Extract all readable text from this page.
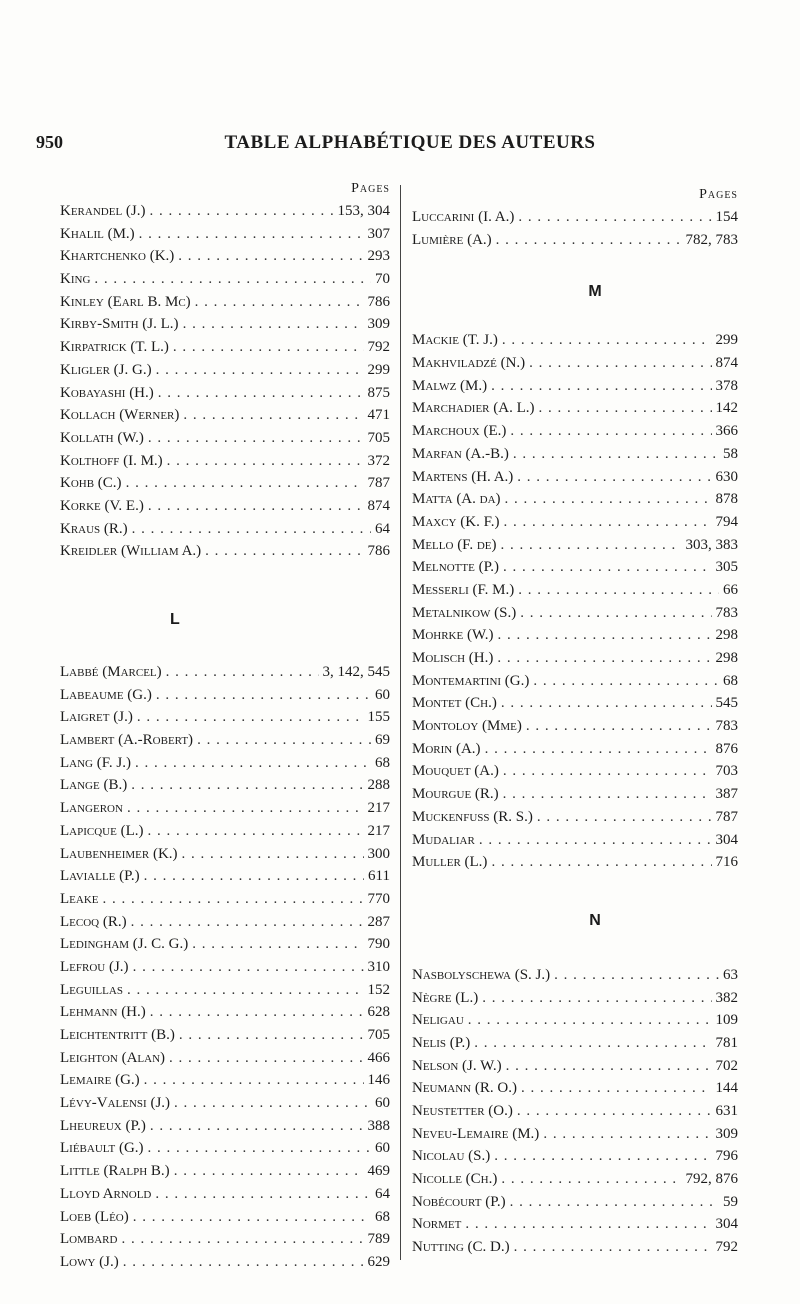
950	TABLE ALPHABÉTIQUE DES AUTEURS
Pages
Kerandel (J.) . . .	153, 304
Khalil (M.) . . .	307
Khartchenko (K.) . . .	293
King . . .	70
Kinley (Earl B. Mc) . . .	786
Kirby-Smith (J. L.) . . .	309
Kirpatrick (T. L.) . . .	792
Kligler (J. G.) . . .	299
Kobayashi (H.) . . .	875
Kollach (Werner) . . .	471
Kollath (W.) . . .	705
Kolthoff (I. M.) . . .	372
Kohb (C.) . . .	787
Korke (V. E.) . . .	874
Kraus (R.) . . .	64
Kreidler (William A.) . . .	786
L
Labbé (Marcel) . . .	3, 142, 545
Labeaume (G.) . . .	60
Laigret (J.) . . .	155
Lambert (A.-Robert) . . .	69
Lang (F. J.) . . .	68
Lange (B.) . . .	288
Langeron . . .	217
Lapicque (L.) . . .	217
Laubenheimer (K.) . . .	300
Lavialle (P.) . . .	611
Leake . . .	770
Lecoq (R.) . . .	287
Ledingham (J. C. G.) . . .	790
Lefrou (J.) . . .	310
Leguillas . . .	152
Lehmann (H.) . . .	628
Leichtentritt (B.) . . .	705
Leighton (Alan) . . .	466
Lemaire (G.) . . .	146
Lévy-Valensi (J.) . . .	60
Lheureux (P.) . . .	388
Liébault (G.) . . .	60
Little (Ralph B.) . . .	469
Lloyd Arnold . . .	64
Loeb (Léo) . . .	68
Lombard . . .	789
Lowy (J.) . . .	629
Pages
Luccarini (I. A.) . . .	154
Lumière (A.) . . .	782, 783
M
Mackie (T. J.) . . .	299
Makhviladzé (N.) . . .	874
Malwz (M.) . . .	378
Marchadier (A. L.) . . .	142
Marchoux (E.) . . .	366
Marfan (A.-B.) . . .	58
Martens (H. A.) . . .	630
Matta (A. da) . . .	878
Maxcy (K. F.) . . .	794
Mello (F. de) . . .	303, 383
Melnotte (P.) . . .	305
Messerli (F. M.) . . .	66
Metalnikow (S.) . . .	783
Mohrke (W.) . . .	298
Molisch (H.) . . .	298
Montemartini (G.) . . .	68
Montet (Ch.) . . .	545
Montoloy (Mme) . . .	783
Morin (A.) . . .	876
Mouquet (A.) . . .	703
Mourgue (R.) . . .	387
Muckenfuss (R. S.) . . .	787
Mudaliar . . .	304
Muller (L.) . . .	716
N
Nasbolyschewa (S. J.) . . .	63
Nègre (L.) . . .	382
Neligau . . .	109
Nelis (P.) . . .	781
Nelson (J. W.) . . .	702
Neumann (R. O.) . . .	144
Neustetter (O.) . . .	631
Neveu-Lemaire (M.) . . .	309
Nicolau (S.) . . .	796
Nicolle (Ch.) . . .	792, 876
Nobécourt (P.) . . .	59
Normet . . .	304
Nutting (C. D.) . . .	792
